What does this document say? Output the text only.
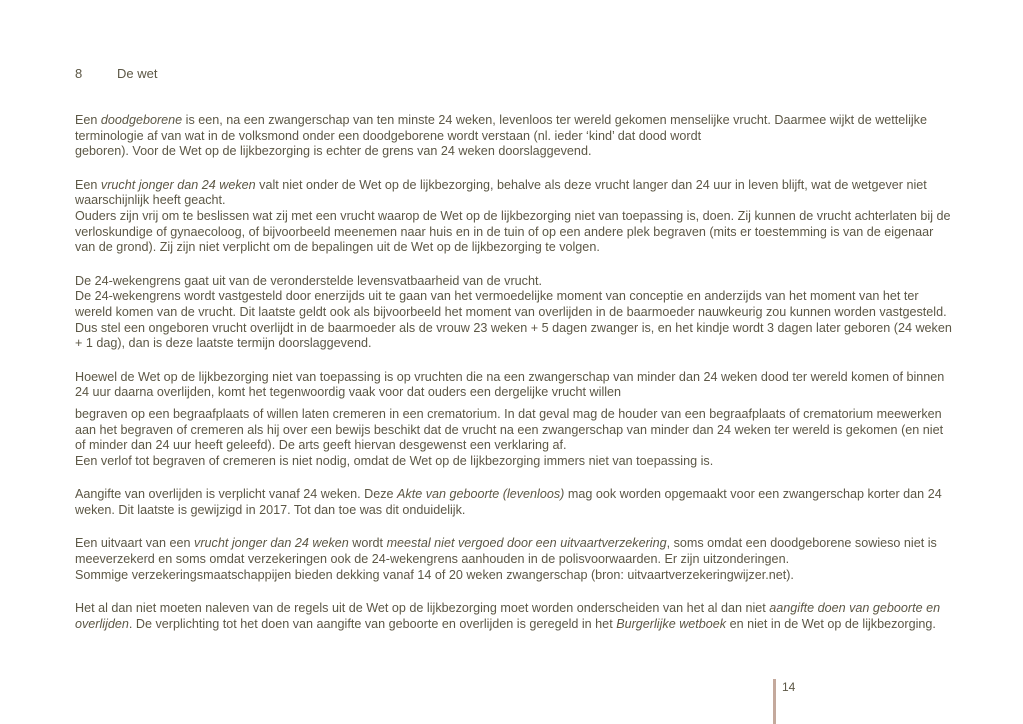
8	De wet

Een doodgeborene is een, na een zwangerschap van ten minste 24 weken, levenloos ter wereld gekomen menselijke vrucht. Daarmee wijkt de wettelijke terminologie af van wat in de volksmond onder een doodgeborene wordt verstaan (nl. ieder ‘kind’ dat dood wordt
geboren). Voor de Wet op de lijkbezorging is echter de grens van 24 weken doorslaggevend.

Een vrucht jonger dan 24 weken valt niet onder de Wet op de lijkbezorging, behalve als deze vrucht langer dan 24 uur in leven blijft, wat de wetgever niet waarschijnlijk heeft geacht.
Ouders zijn vrij om te beslissen wat zij met een vrucht waarop de Wet op de lijkbezorging niet van toepassing is, doen. Zij kunnen de vrucht achterlaten bij de verloskundige of gynaecoloog, of bijvoorbeeld meenemen naar huis en in de tuin of op een andere plek begraven (mits er toestemming is van de eigenaar van de grond). Zij zijn niet verplicht om de bepalingen uit de Wet op de lijkbezorging te volgen.

De 24-wekengrens gaat uit van de veronderstelde levensvatbaarheid van de vrucht.
De 24-wekengrens wordt vastgesteld door enerzijds uit te gaan van het vermoedelijke moment van conceptie en anderzijds van het moment van het ter wereld komen van de vrucht. Dit laatste geldt ook als bijvoorbeeld het moment van overlijden in de baarmoeder nauwkeurig zou kunnen worden vastgesteld. Dus stel een ongeboren vrucht overlijdt in de baarmoeder als de vrouw 23 weken + 5 dagen zwanger is, en het kindje wordt 3 dagen later geboren (24 weken + 1 dag), dan is deze laatste termijn doorslaggevend.

Hoewel de Wet op de lijkbezorging niet van toepassing is op vruchten die na een zwangerschap van minder dan 24 weken dood ter wereld komen of binnen 24 uur daarna overlijden, komt het tegenwoordig vaak voor dat ouders een dergelijke vrucht willen

begraven op een begraafplaats of willen laten cremeren in een crematorium. In dat geval mag de houder van een begraafplaats of crematorium meewerken aan het begraven of cremeren als hij over een bewijs beschikt dat de vrucht na een zwangerschap van minder dan 24 weken ter wereld is gekomen (en niet of minder dan 24 uur heeft geleefd). De arts geeft hiervan desgewenst een verklaring af.
Een verlof tot begraven of cremeren is niet nodig, omdat de Wet op de lijkbezorging immers niet van toepassing is.

Aangifte van overlijden is verplicht vanaf 24 weken. Deze Akte van geboorte (levenloos) mag ook worden opgemaakt voor een zwangerschap korter dan 24 weken. Dit laatste is gewijzigd in 2017. Tot dan toe was dit onduidelijk.

Een uitvaart van een vrucht jonger dan 24 weken wordt meestal niet vergoed door een uitvaartverzekering, soms omdat een doodgeborene sowieso niet is meeverzekerd en soms omdat verzekeringen ook de 24-wekengrens aanhouden in de polisvoorwaarden. Er zijn uitzonderingen.
Sommige verzekeringsmaatschappijen bieden dekking vanaf 14 of 20 weken zwangerschap (bron: uitvaartverzekeringwijzer.net).

Het al dan niet moeten naleven van de regels uit de Wet op de lijkbezorging moet worden onderscheiden van het al dan niet aangifte doen van geboorte en overlijden. De verplichting tot het doen van aangifte van geboorte en overlijden is geregeld in het Burgerlijke wetboek en niet in de Wet op de lijkbezorging.

14
